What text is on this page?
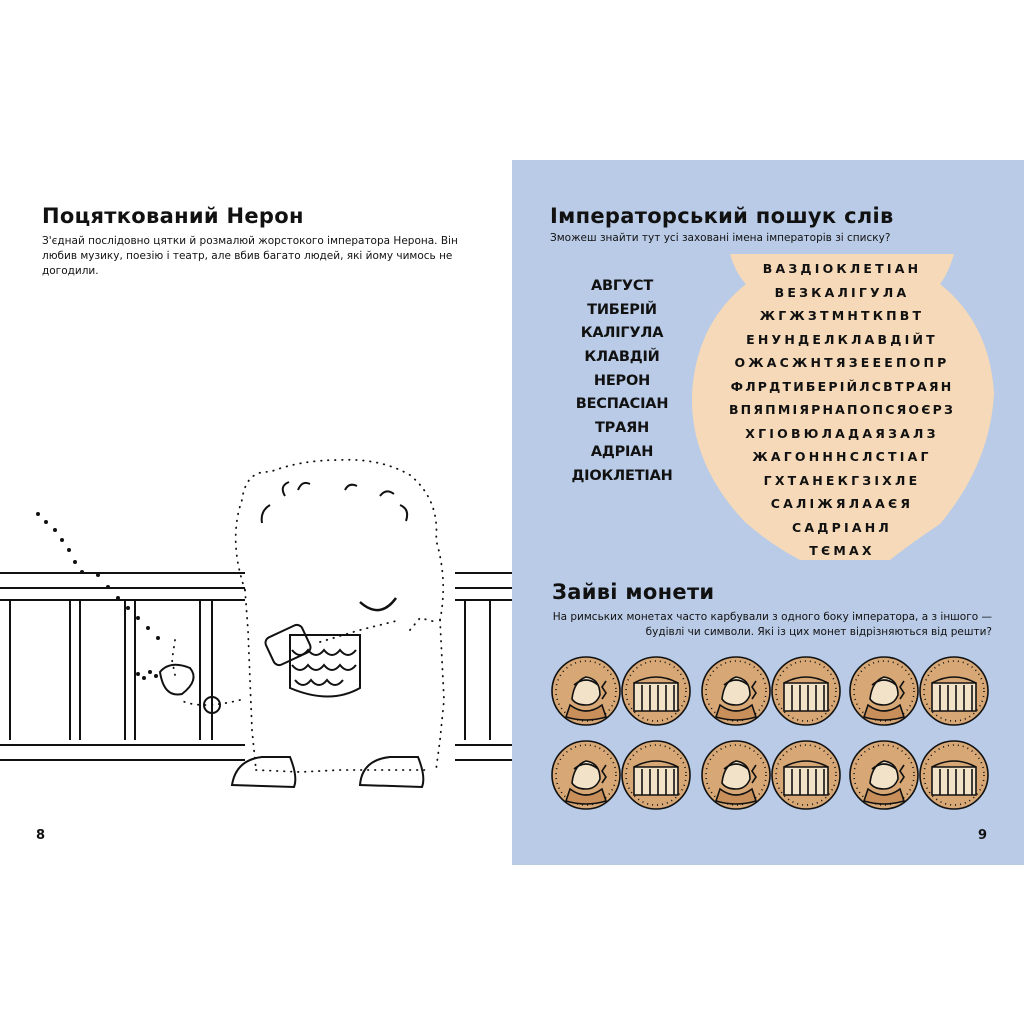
Поцяткований Нерон
З'єднай послідовно цятки й розмалюй жорстокого імператора Нерона. Він любив музику, поезію і театр, але вбив багато людей, які йому чимось не догодили.
8
Імператорський пошук слів
Зможеш знайти тут усі заховані імена імператорів зі списку?
АВГУСТ
ТИБЕРІЙ
КАЛІГУЛА
КЛАВДІЙ
НЕРОН
ВЕСПАСІАН
ТРАЯН
АДРІАН
ДІОКЛЕТІАН
ВАЗДІОКЛЕТІАН
ВЕЗКАЛІГУЛА
ЖГЖЗТМНТКПВТ
ЕНУНДЕЛКЛАВДІЙТ
ОЖАСЖНТЯЗЕЕЕПОПР
ФЛРДТИБЕРІЙЛСВТРАЯН
ВПЯПМІЯРНАПОПСЯОЄРЗ
ХГІОВЮЛАДАЯЗАЛЗ
ЖАГОНННСЛСТІАГ
ГХТАНЕКГЗІХЛЕ
САЛІЖЯЛААЄЯ
САДРІАНЛ
ТЄМАХ
Зайві монети
На римських монетах часто карбували з одного боку імператора, а з іншого — будівлі чи символи. Які із цих монет відрізняються від решти?
9
